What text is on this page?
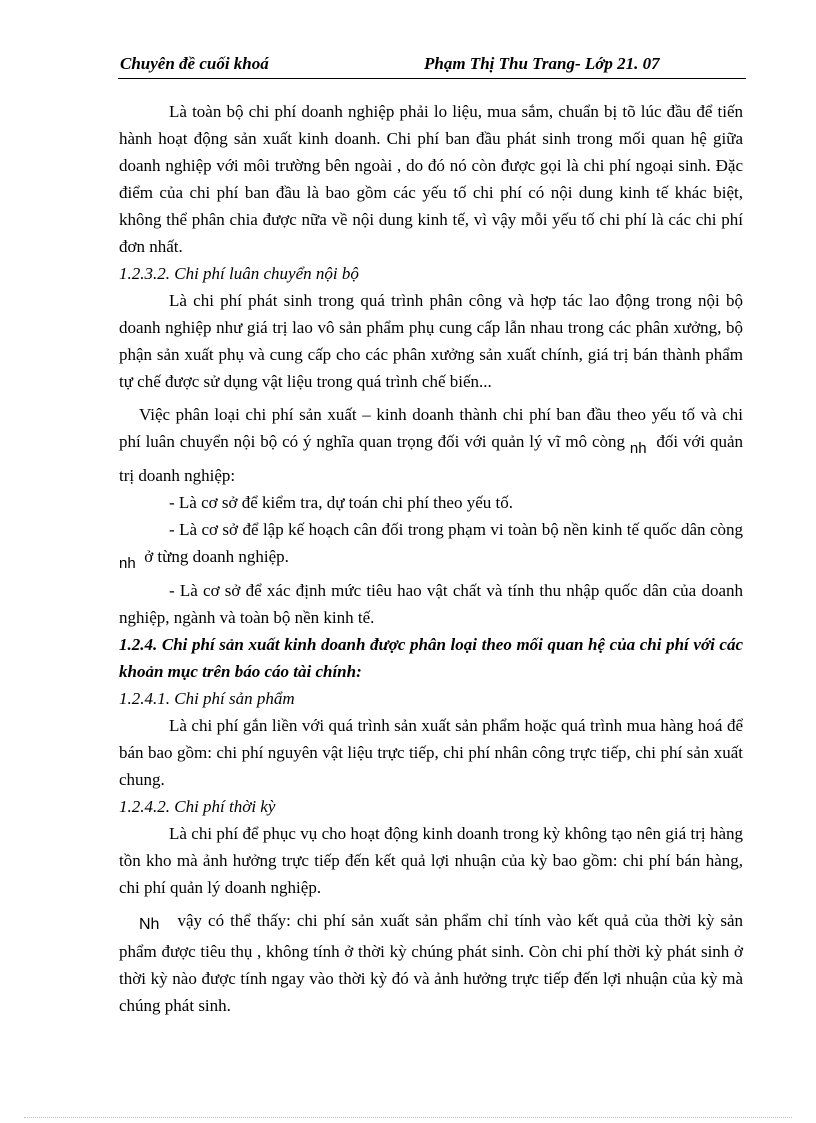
Chuyên đề cuối khoá	Phạm Thị Thu Trang- Lớp 21. 07

Là toàn bộ chi phí doanh nghiệp phải lo liệu, mua sắm, chuẩn bị tõ lúc đầu để tiến hành hoạt động sản xuất kinh doanh. Chi phí ban đầu phát sinh trong mối quan hệ giữa doanh nghiệp với môi trường bên ngoài , do đó nó còn được gọi là chi phí ngoại sinh. Đặc điểm của chi phí ban đầu là bao gồm các yếu tố chi phí có nội dung kinh tế khác biệt, không thể phân chia được nữa về nội dung kinh tế, vì vậy mỗi yếu tố chi phí là các chi phí đơn nhất.

1.2.3.2. Chi phí luân chuyển nội bộ

Là chi phí phát sinh trong quá trình phân công và hợp tác lao động trong nội bộ doanh nghiệp như giá trị lao vô sản phẩm phụ cung cấp lẫn nhau trong các phân xưởng, bộ phận sản xuất phụ và cung cấp cho các phân xưởng sản xuất chính, giá trị bán thành phẩm tự chế được sử dụng vật liệu trong quá trình chế biến...

Việc phân loại chi phí sản xuất – kinh doanh thành chi phí ban đầu theo yếu tố và chi phí luân chuyển nội bộ có ý nghĩa quan trọng đối với quản lý vĩ mô còng nh đối với quản trị doanh nghiệp:

- Là cơ sở để kiểm tra, dự toán chi phí theo yếu tố.

- Là cơ sở để lập kế hoạch cân đối trong phạm vi toàn bộ nền kinh tế quốc dân còng nh ở từng doanh nghiệp.

- Là cơ sở để xác định mức tiêu hao vật chất và tính thu nhập quốc dân của doanh nghiệp, ngành và toàn bộ nền kinh tế.

1.2.4. Chi phí sản xuất kinh doanh được phân loại theo mối quan hệ của chi phí với các khoản mục trên báo cáo tài chính:

1.2.4.1. Chi phí sản phẩm

Là chi phí gắn liền với quá trình sản xuất sản phẩm hoặc quá trình mua hàng hoá để bán bao gồm: chi phí nguyên vật liệu trực tiếp, chi phí nhân công trực tiếp, chi phí sản xuất chung.

1.2.4.2. Chi phí thời kỳ

Là chi phí để phục vụ cho hoạt động kinh doanh trong kỳ không tạo nên giá trị hàng tồn kho mà ảnh hưởng trực tiếp đến kết quả lợi nhuận của kỳ bao gồm: chi phí bán hàng, chi phí quản lý doanh nghiệp.

Nh vậy có thể thấy: chi phí sản xuất sản phẩm chỉ tính vào kết quả của thời kỳ sản phẩm được tiêu thụ , không tính ở thời kỳ chúng phát sinh. Còn chi phí thời kỳ phát sinh ở thời kỳ nào được tính ngay vào thời kỳ đó và ảnh hưởng trực tiếp đến lợi nhuận của kỳ mà chúng phát sinh.
